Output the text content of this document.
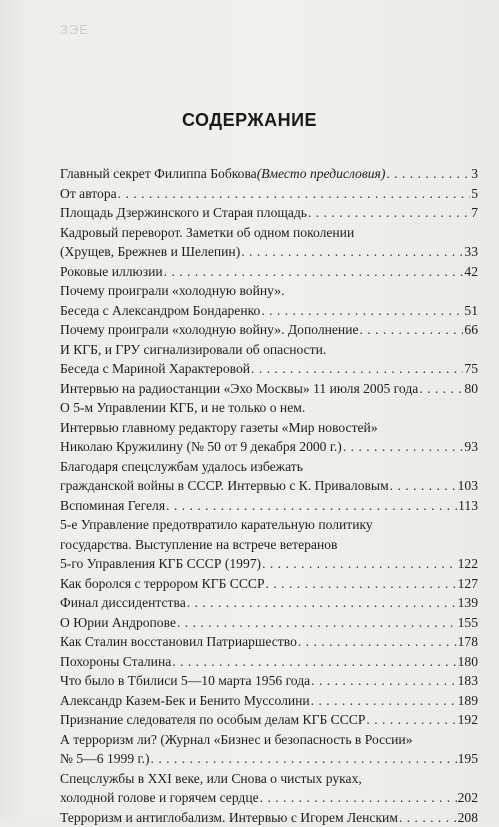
ЗЭЕ
СОДЕРЖАНИЕ
Главный секрет Филиппа Бобкова (Вместо предисловия) . . .	3
От автора . . .	5
Площадь Дзержинского и Старая площадь . . .	7
Кадровый переворот. Заметки об одном поколении
(Хрущев, Брежнев и Шелепин) . . .	33
Роковые иллюзии . . .	42
Почему проиграли «холодную войну».
Беседа с Александром Бондаренко . . .	51
Почему проиграли «холодную войну». Дополнение . . .	66
И КГБ, и ГРУ сигнализировали об опасности.
Беседа с Мариной Характеровой . . .	75
Интервью на радиостанции «Эхо Москвы» 11 июля 2005 года . . .	80
О 5-м Управлении КГБ, и не только о нем.
Интервью главному редактору газеты «Мир новостей»
Николаю Кружилину (№ 50 от 9 декабря 2000 г.) . . .	93
Благодаря спецслужбам удалось избежать
гражданской войны в СССР. Интервью с К. Приваловым . . .	103
Вспоминая Гегеля . . .	113
5-е Управление предотвратило карательную политику
государства. Выступление на встрече ветеранов
5-го Управления КГБ СССР (1997) . . .	122
Как боролся с террором КГБ СССР . . .	127
Финал диссидентства . . .	139
О Юрии Андропове . . .	155
Как Сталин восстановил Патриаршество . . .	178
Похороны Сталина . . .	180
Что было в Тбилиси 5—10 марта 1956 года . . .	183
Александр Казем-Бек и Бенито Муссолини . . .	189
Признание следователя по особым делам КГБ СССР . . .	192
А терроризм ли? (Журнал «Бизнес и безопасность в России»
№ 5—6 1999 г.) . . .	195
Спецслужбы в XXI веке, или Снова о чистых руках,
холодной голове и горячем сердце . . .	202
Терроризм и антиглобализм. Интервью с Игорем Ленским . . .	208
